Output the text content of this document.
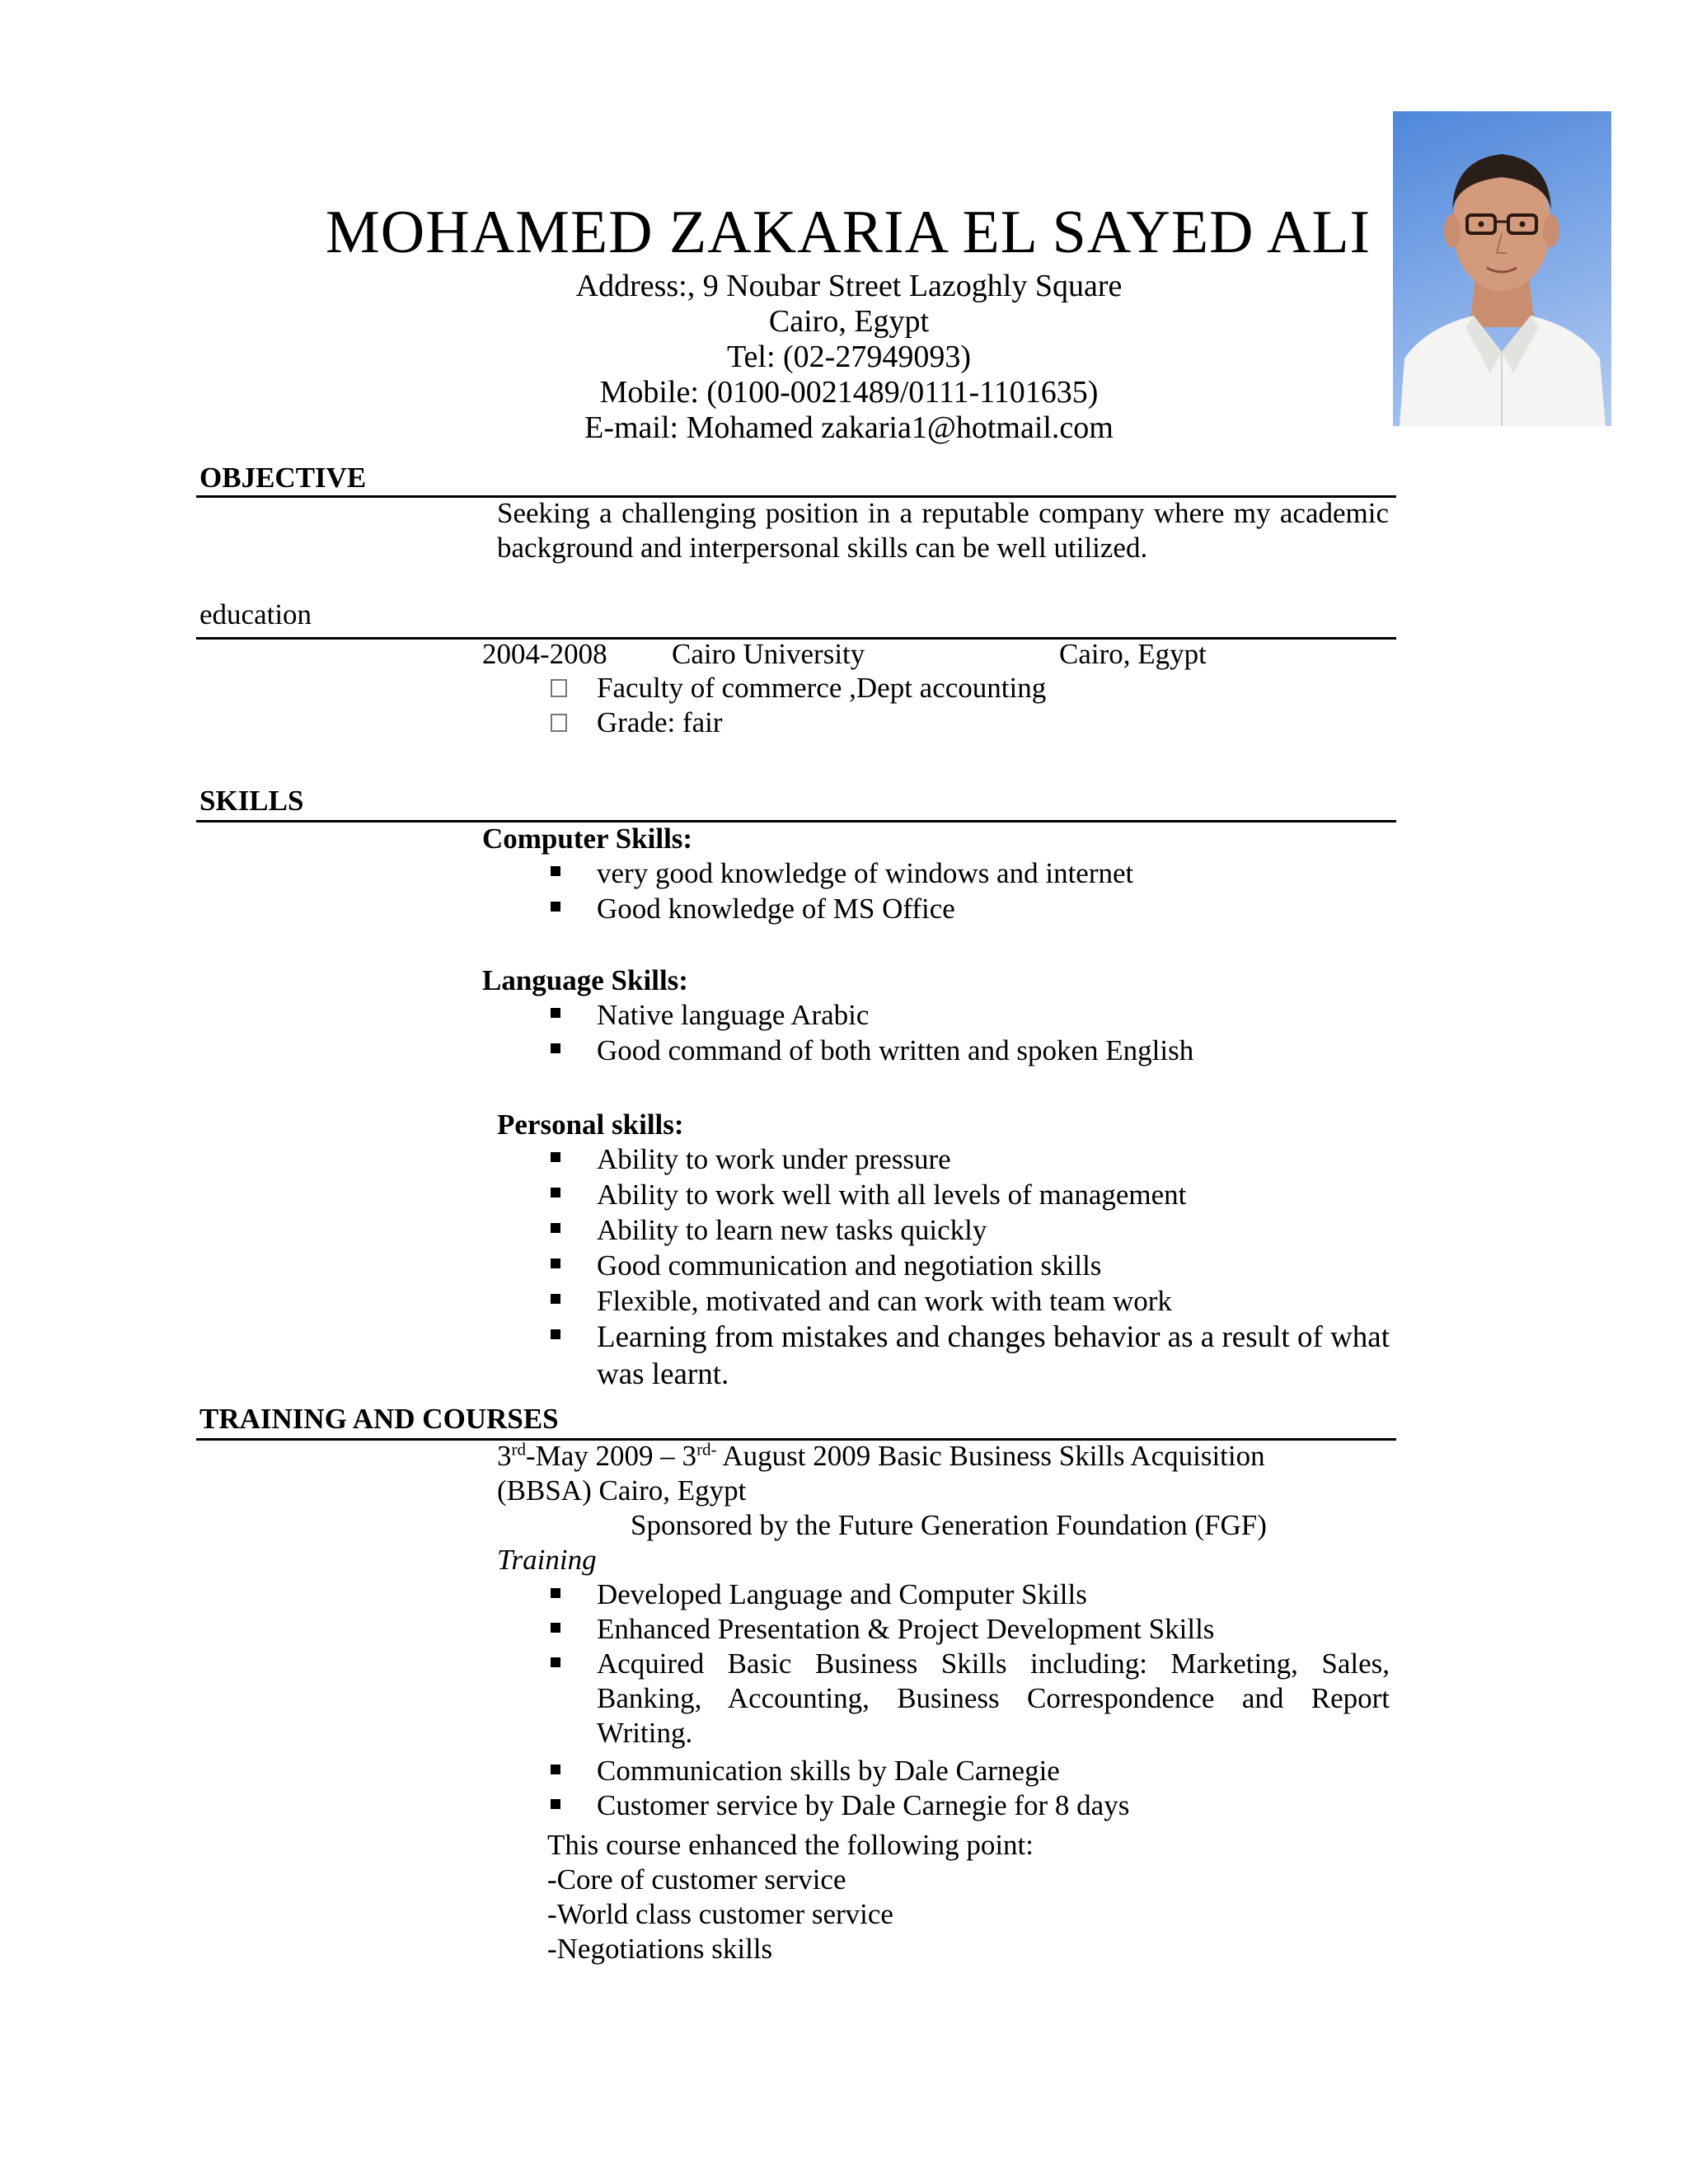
MOHAMED ZAKARIA EL SAYED ALI
Address:, 9 Noubar Street Lazoghly Square
Cairo, Egypt
Tel: (02-27949093)
Mobile: (0100-0021489/0111-1101635)
E-mail: Mohamed zakaria1@hotmail.com
OBJECTIVE
Seeking a challenging position in a reputable company where my academic background and interpersonal skills can be well utilized.
education
2004-2008 Cairo University	Cairo, Egypt
Faculty of commerce ,Dept accounting
Grade: fair
SKILLS
Computer Skills:
very good knowledge of windows and internet
Good knowledge of MS Office
Language Skills:
Native language Arabic
Good command of both written and spoken English
Personal skills:
Ability to work under pressure
Ability to work well with all levels of management
Ability to learn new tasks quickly
Good communication and negotiation skills
Flexible, motivated and can work with team work
Learning from mistakes and changes behavior as a result of what was learnt.
TRAINING AND COURSES
3rd-May $2009 - 3^{rd-}$ August 2009 Basic Business Skills Acquisition
(BBSA) Cairo, Egypt
Sponsored by the Future Generation Foundation (FGF)
Training
Developed Language and Computer Skills
Enhanced Presentation & Project Development Skills
Acquired Basic Business Skills including: Marketing, Sales, Banking, Accounting, Business Correspondence and Report Writing.
Communication skills by Dale Carnegie
Customer service by Dale Carnegie for 8 days
This course enhanced the following point:
-Core of customer service
-World class customer service
-Negotiations skills
